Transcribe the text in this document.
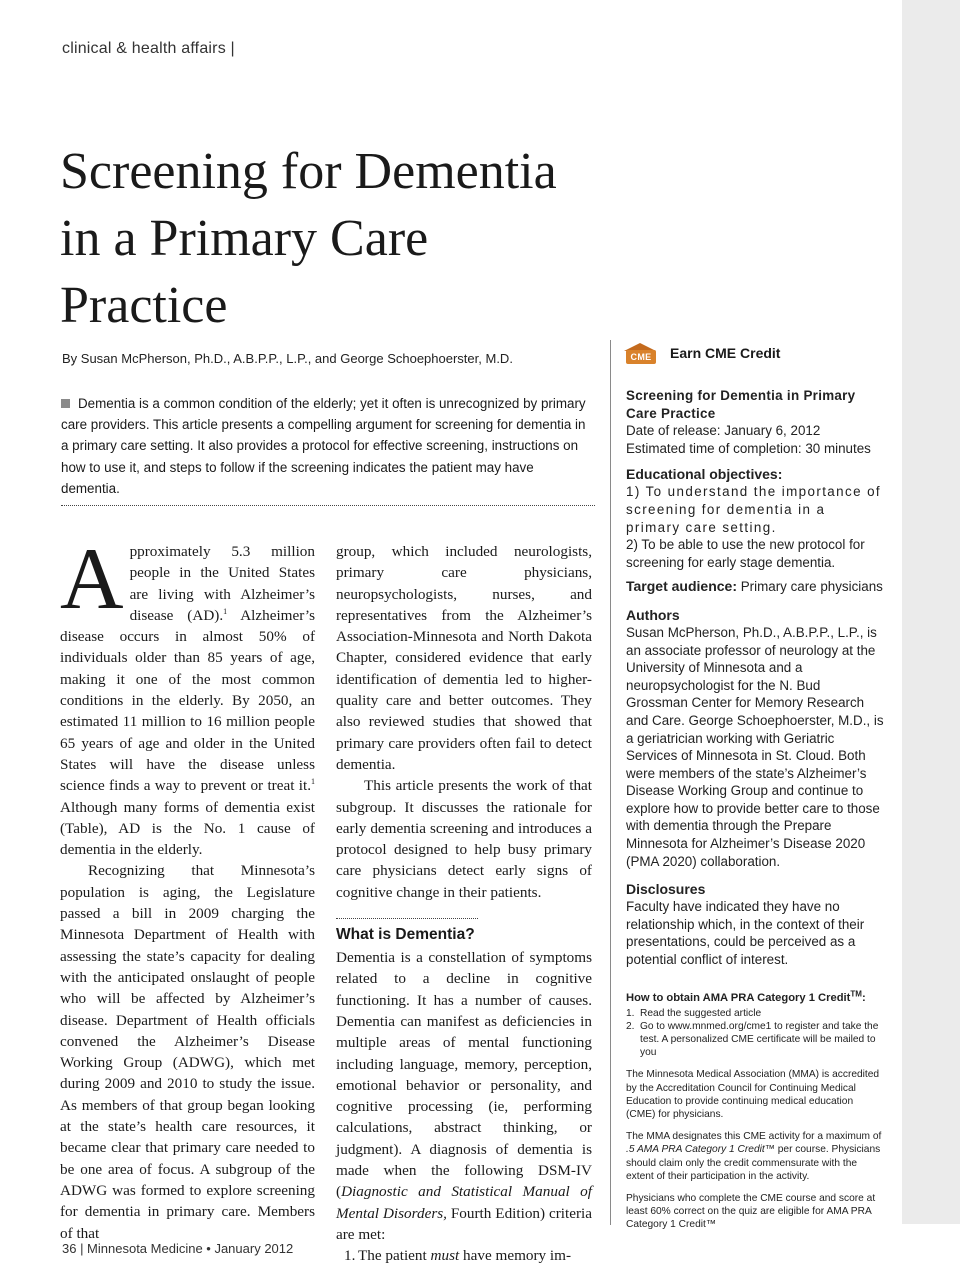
clinical & health affairs |
Screening for Dementia
in a Primary Care
Practice
By Susan McPherson, Ph.D., A.B.P.P., L.P., and George Schoephoerster, M.D.

Dementia is a common condition of the elderly; yet it often is unrecognized by primary care providers. This article presents a compelling argument for screening for dementia in a primary care setting. It also provides a protocol for effective screening, instructions on how to use it, and steps to follow if the screening indicates the patient may have dementia.

Approximately 5.3 million people in the United States are living with Alzheimer’s disease (AD).$^1$ Alzheimer’s disease occurs in almost 50% of individuals older than 85 years of age, making it one of the most common conditions in the elderly. By 2050, an estimated 11 million to 16 million people 65 years of age and older in the United States will have the disease unless science finds a way to prevent or treat it.$^1$ Although many forms of dementia exist (Table), AD is the No. 1 cause of dementia in the elderly.

Recognizing that Minnesota’s population is aging, the Legislature passed a bill in 2009 charging the Minnesota Department of Health with assessing the state’s capacity for dealing with the anticipated onslaught of people who will be affected by Alzheimer’s disease. Department of Health officials convened the Alzheimer’s Disease Working Group (ADWG), which met during 2009 and 2010 to study the issue. As members of that group began looking at the state’s health care resources, it became clear that primary care needed to be one area of focus. A subgroup of the ADWG was formed to explore screening for dementia in primary care. Members of that

group, which included neurologists, primary care physicians, neuropsychologists, nurses, and representatives from the Alzheimer’s Association-Minnesota and North Dakota Chapter, considered evidence that early identification of dementia led to higher-quality care and better outcomes. They also reviewed studies that showed that primary care providers often fail to detect dementia.

This article presents the work of that subgroup. It discusses the rationale for early dementia screening and introduces a protocol designed to help busy primary care physicians detect early signs of cognitive change in their patients.

What is Dementia?

Dementia is a constellation of symptoms related to a decline in cognitive functioning. It has a number of causes. Dementia can manifest as deficiencies in multiple areas of mental functioning including language, memory, perception, emotional behavior or personality, and cognitive processing (ie, performing calculations, abstract thinking, or judgment). A diagnosis of dementia is made when the following DSM-IV (Diagnostic and Statistical Manual of Mental Disorders, Fourth Edition) criteria are met:

1. The patient must have memory im-

CME	Earn CME Credit
Screening for Dementia in Primary Care Practice

Date of release: January 6, 2012

Estimated time of completion: 30 minutes

Educational objectives:

1) To understand the importance of screening for dementia in a primary care setting.

2) To be able to use the new protocol for screening for early stage dementia.

Target audience: Primary care physicians

Authors

Susan McPherson, Ph.D., A.B.P.P., L.P., is an associate professor of neurology at the University of Minnesota and a neuropsychologist for the N. Bud Grossman Center for Memory Research and Care. George Schoephoerster, M.D., is a geriatrician working with Geriatric Services of Minnesota in St. Cloud. Both were members of the state’s Alzheimer’s Disease Working Group and continue to explore how to provide better care to those with dementia through the Prepare Minnesota for Alzheimer’s Disease 2020 (PMA 2020) collaboration.

Disclosures

Faculty have indicated they have no relationship which, in the context of their presentations, could be perceived as a potential conflict of interest.

How to obtain AMA PRA Category 1 Credit™:
1. Read the suggested article
2. Go to www.mnmed.org/cme1 to register and take the test. A personalized CME certificate will be mailed to you

The Minnesota Medical Association (MMA) is accredited by the Accreditation Council for Continuing Medical Education to provide continuing medical education (CME) for physicians.

The MMA designates this CME activity for a maximum of .5 AMA PRA Category 1 Credit™ per course. Physicians should claim only the credit commensurate with the extent of their participation in the activity.

Physicians who complete the CME course and score at least 60% correct on the quiz are eligible for AMA PRA Category 1 Credit™

36 | Minnesota Medicine • January 2012
